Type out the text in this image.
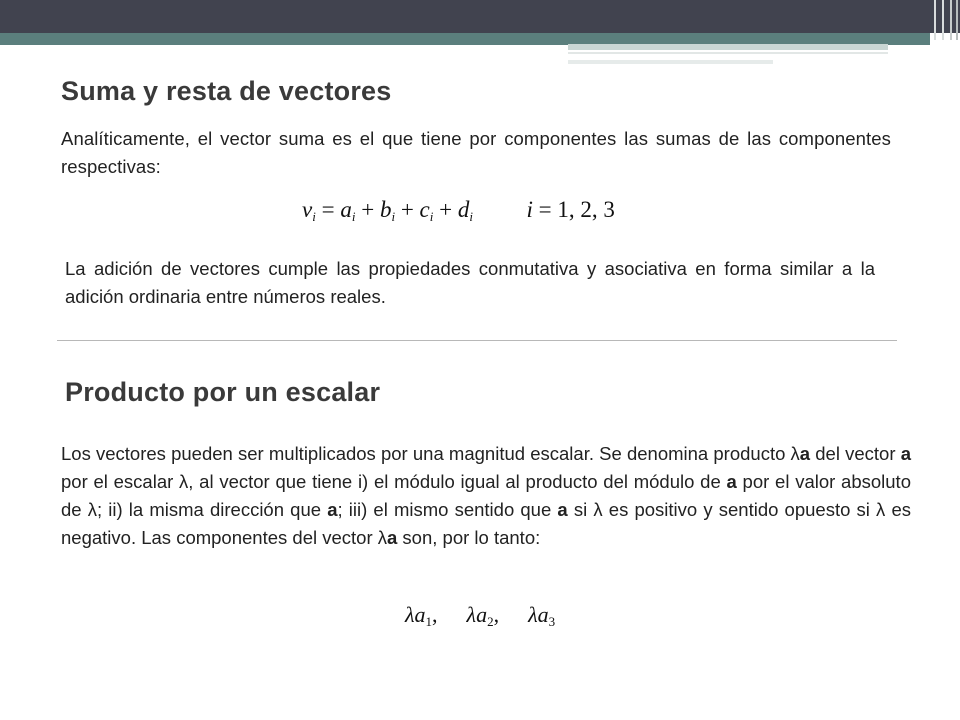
Suma y resta de vectores

Analíticamente, el vector suma es el que tiene por componentes las sumas de las componentes respectivas:

$v_i = a_i + b_i + c_i + d_i$ i = 1, 2, 3

La adición de vectores cumple las propiedades conmutativa y asociativa en forma similar a la adición ordinaria entre números reales.

Producto por un escalar

Los vectores pueden ser multiplicados por una magnitud escalar. Se denomina producto λa del vector a por el escalar λ, al vector que tiene i) el módulo igual al producto del módulo de a por el valor absoluto de λ; ii) la misma dirección que a; iii) el mismo sentido que a si λ es positivo y sentido opuesto si λ es negativo. Las componentes del vector λa son, por lo tanto:

$\lambda a_1$, $\lambda a_2$, $\lambda a_3$
